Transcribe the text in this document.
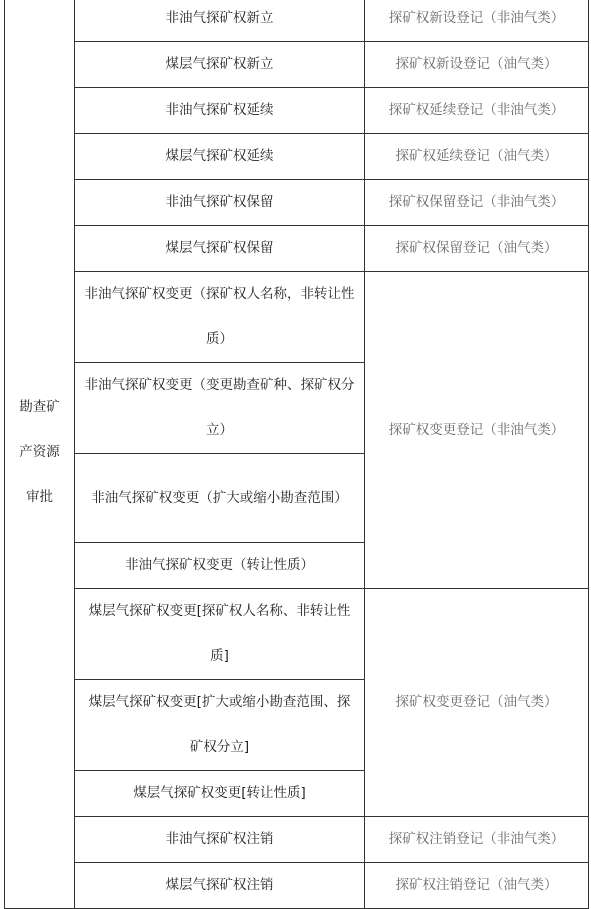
勘查矿产资源审批	非油气探矿权新立	探矿权新设登记（非油气类）
	煤层气探矿权新立	探矿权新设登记（油气类）
	非油气探矿权延续	探矿权延续登记（非油气类）
	煤层气探矿权延续	探矿权延续登记（油气类）
	非油气探矿权保留	探矿权保留登记（非油气类）
	煤层气探矿权保留	探矿权保留登记（油气类）
	非油气探矿权变更（探矿权人名称，非转让性质）	探矿权变更登记（非油气类）
	非油气探矿权变更（变更勘查矿种、探矿权分立）	
	非油气探矿权变更（扩大或缩小勘查范围）	
	非油气探矿权变更（转让性质）	
	煤层气探矿权变更[探矿权人名称、非转让性质]	探矿权变更登记（油气类）
	煤层气探矿权变更[扩大或缩小勘查范围、探矿权分立]	
	煤层气探矿权变更[转让性质]	
	非油气探矿权注销	探矿权注销登记（非油气类）
	煤层气探矿权注销	探矿权注销登记（油气类）
